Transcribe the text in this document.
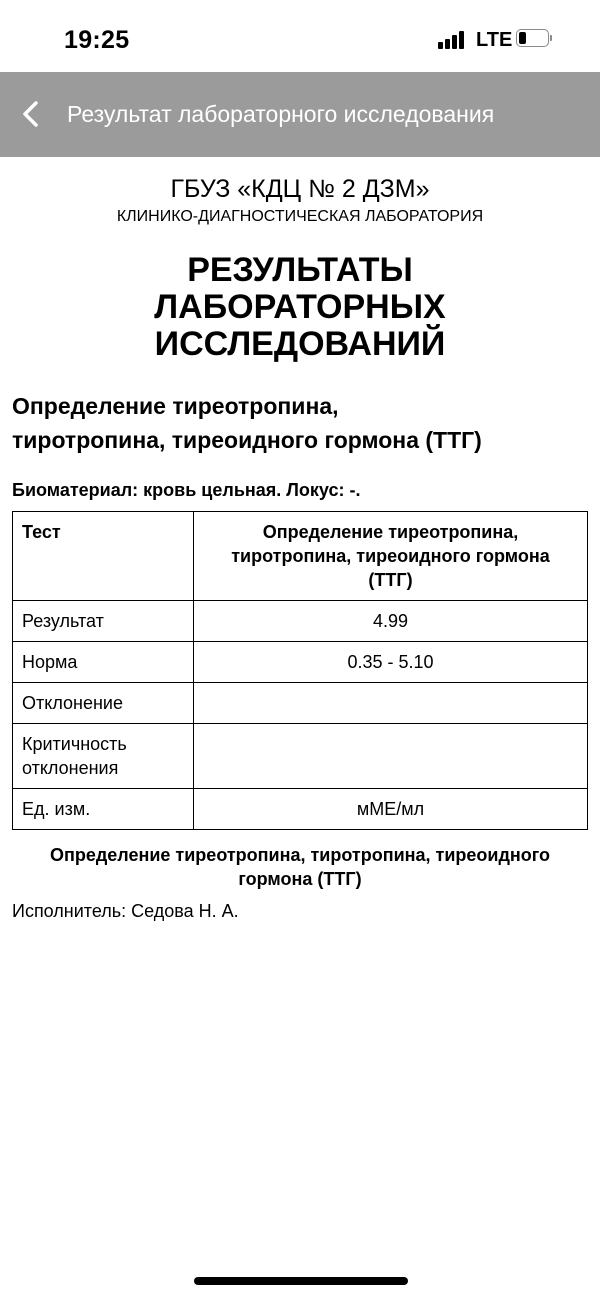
19:25	LTE
Результат лабораторного исследования
ГБУЗ «КДЦ № 2 ДЗМ»
КЛИНИКО-ДИАГНОСТИЧЕСКАЯ ЛАБОРАТОРИЯ
РЕЗУЛЬТАТЫ
ЛАБОРАТОРНЫХ
ИССЛЕДОВАНИЙ
Определение тиреотропина,
тиротропина, тиреоидного гормона (ТТГ)
Биоматериал: кровь цельная. Локус: -.
Тест	Определение тиреотропина,
тиротропина, тиреоидного гормона
(ТТГ)

Результат	4.99
Норма	0.35 - 5.10
Отклонение	

Критичность
отклонения	

Ед. изм.	мМЕ/мл
Определение тиреотропина, тиротропина, тиреоидного
гормона (ТТГ)
Исполнитель: Седова Н. А.
